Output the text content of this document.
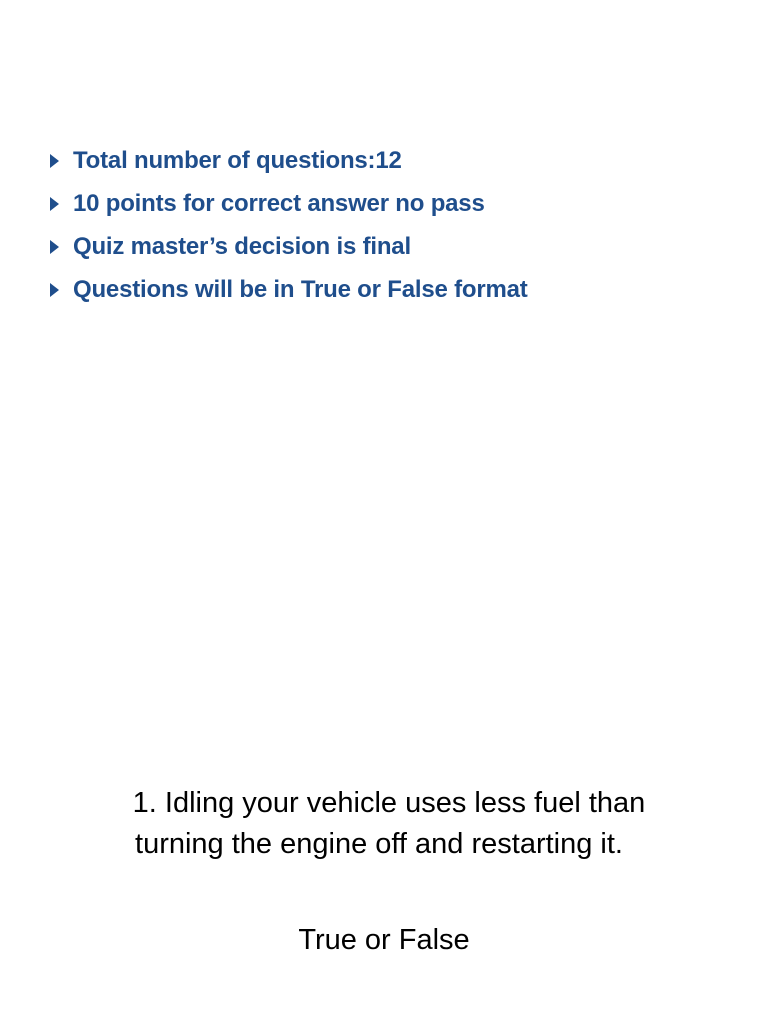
Total number of questions:12
10 points for correct answer no pass
Quiz master’s decision is final
Questions will be in True or False format
1. Idling your vehicle uses less fuel than
turning the engine off and restarting it.
True or False
